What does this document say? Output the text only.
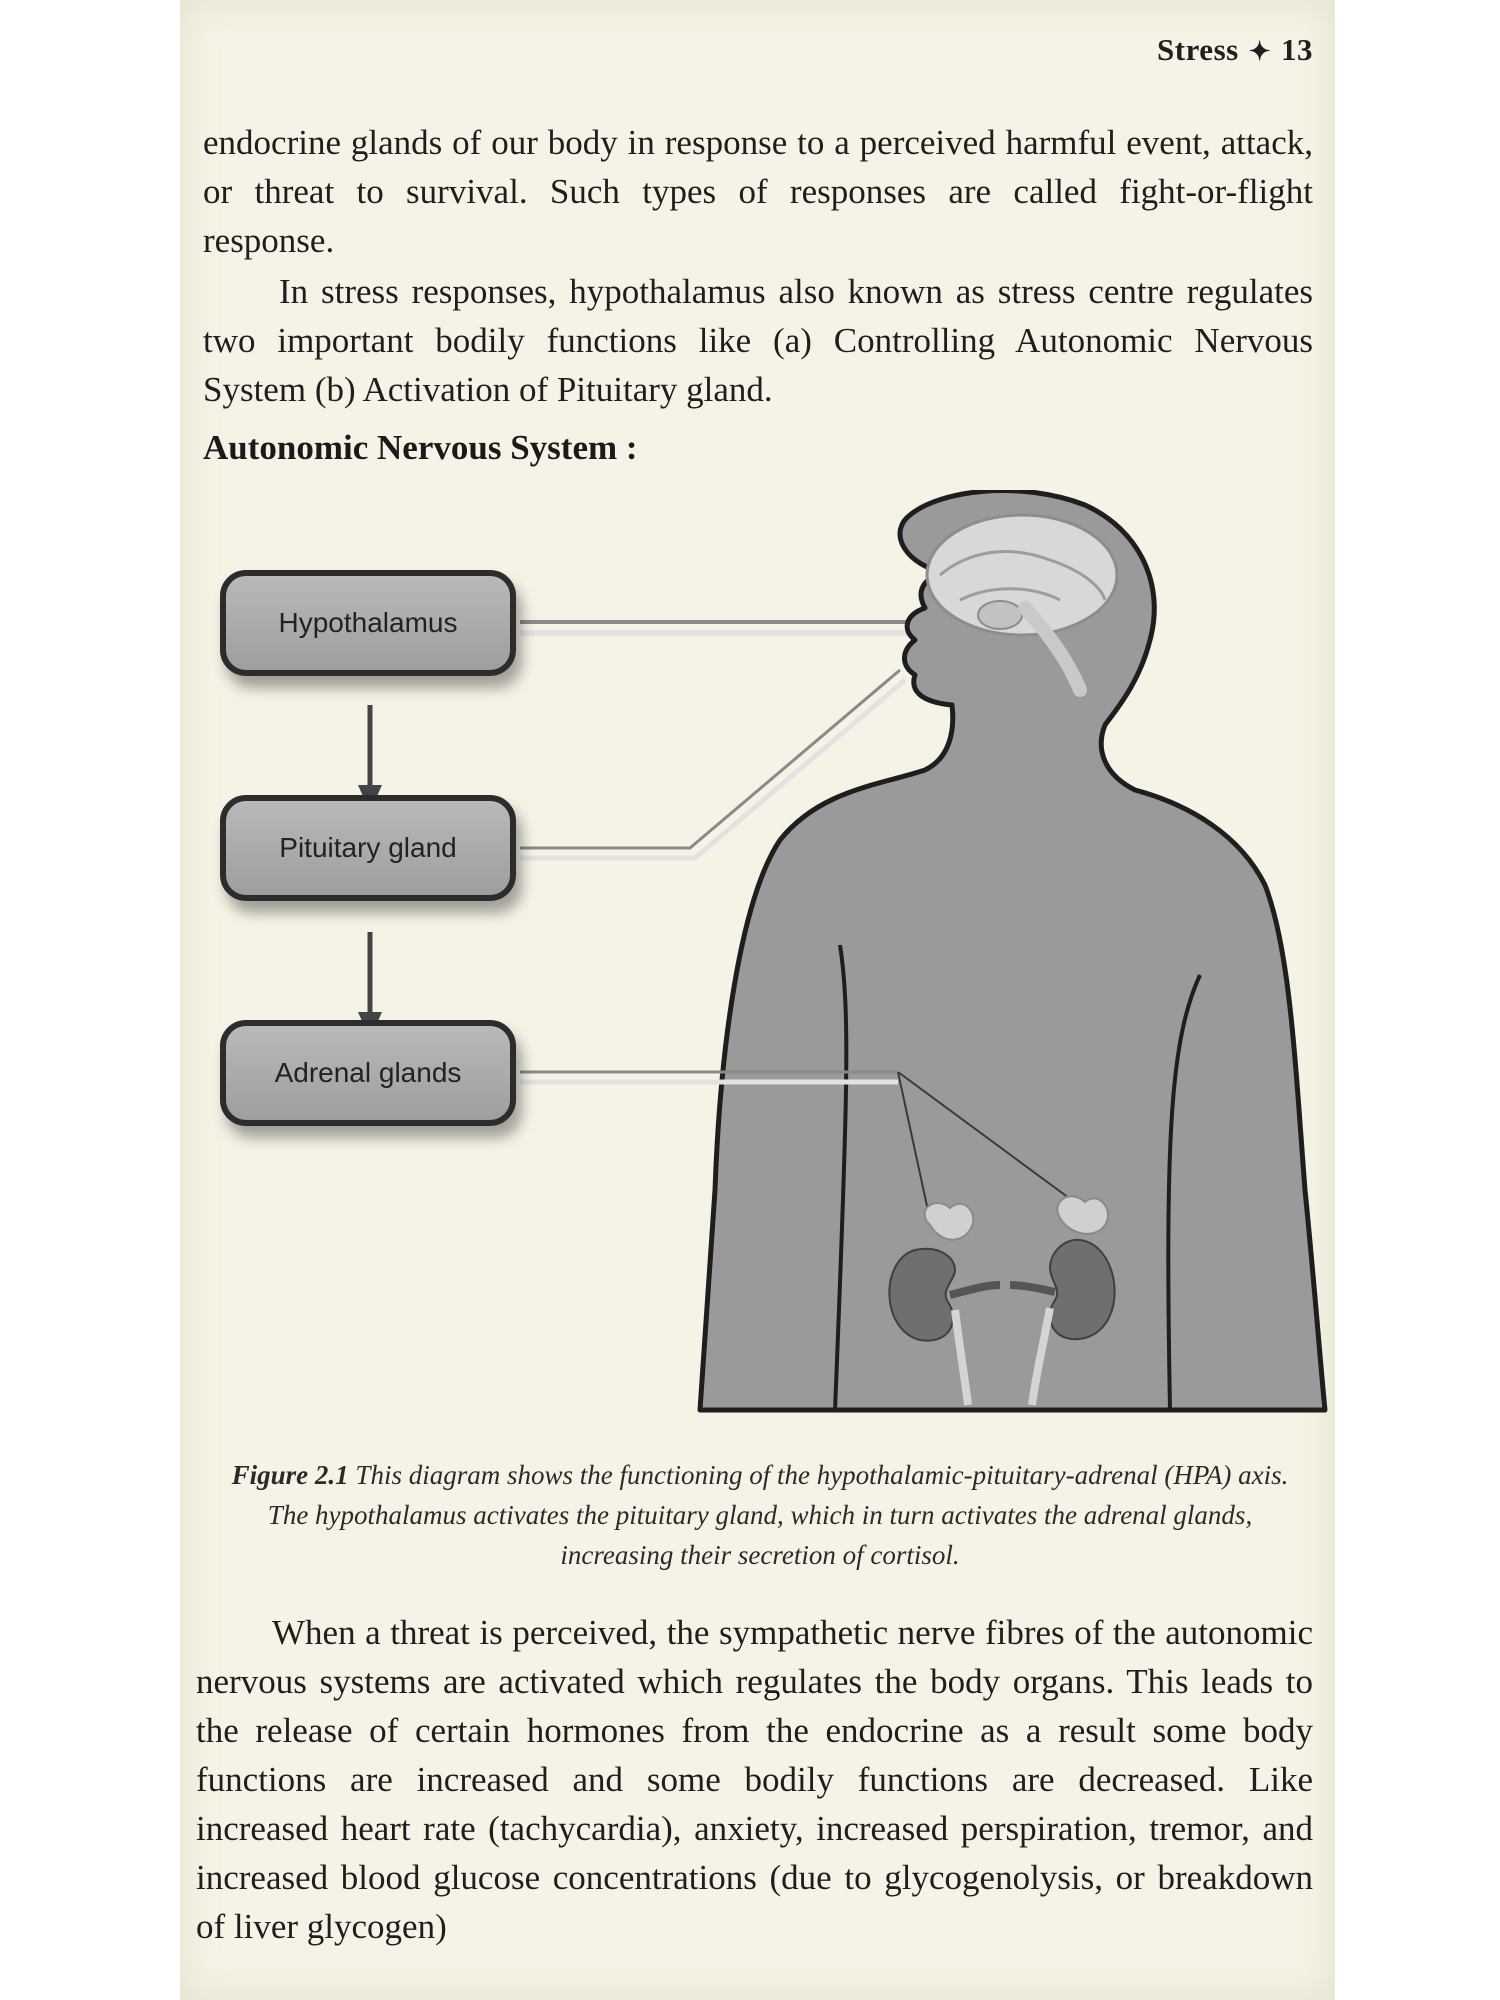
Stress ✦ 13

endocrine glands of our body in response to a perceived harmful event, attack, or threat to survival. Such types of responses are called fight-or-flight response.

In stress responses, hypothalamus also known as stress centre regulates two important bodily functions like (a) Controlling Autonomic Nervous System (b) Activation of Pituitary gland.

Autonomic Nervous System :
Hypothalamus
Pituitary gland
Adrenal glands

Figure 2.1 This diagram shows the functioning of the hypothalamic-pituitary-adrenal (HPA) axis. The hypothalamus activates the pituitary gland, which in turn activates the adrenal glands, increasing their secretion of cortisol.

When a threat is perceived, the sympathetic nerve fibres of the autonomic nervous systems are activated which regulates the body organs. This leads to the release of certain hormones from the endocrine as a result some body functions are increased and some bodily functions are decreased. Like increased heart rate (tachycardia), anxiety, increased perspiration, tremor, and increased blood glucose concentrations (due to glycogenolysis, or breakdown of liver glycogen)
